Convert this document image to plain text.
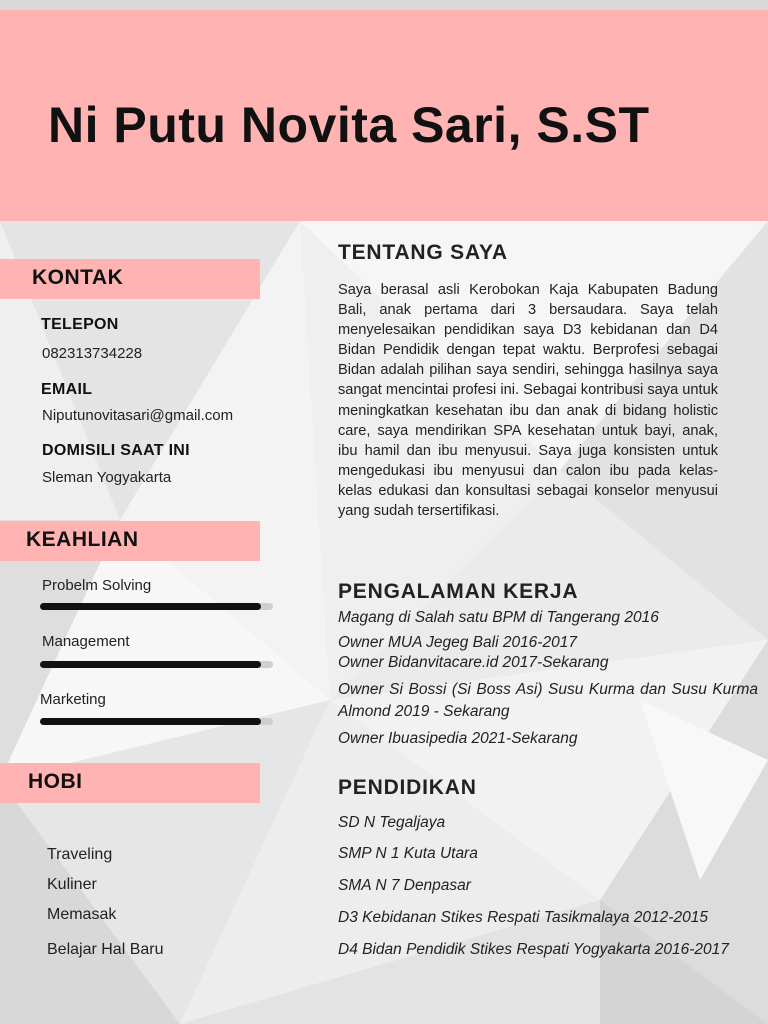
Ni Putu Novita Sari, S.ST
KONTAK
TELEPON
082313734228
EMAIL
Niputunovitasari@gmail.com
DOMISILI SAAT INI
Sleman Yogyakarta
KEAHLIAN
Probelm Solving
Management
Marketing
HOBI
Traveling
Kuliner
Memasak
Belajar Hal Baru
TENTANG SAYA
Saya berasal asli Kerobokan Kaja Kabupaten Badung Bali, anak pertama dari 3 bersaudara. Saya telah menyelesaikan pendidikan saya D3 kebidanan dan D4 Bidan Pendidik dengan tepat waktu. Berprofesi sebagai Bidan adalah pilihan saya sendiri, sehingga hasilnya saya sangat mencintai profesi ini. Sebagai kontribusi saya untuk meningkatkan kesehatan ibu dan anak di bidang holistic care, saya mendirikan SPA kesehatan untuk bayi, anak, ibu hamil dan ibu menyusui. Saya juga konsisten untuk mengedukasi ibu menyusui dan calon ibu pada kelas-kelas edukasi dan konsultasi sebagai konselor menyusui yang sudah tersertifikasi.
PENGALAMAN KERJA
Magang di Salah satu BPM di Tangerang 2016
Owner MUA Jegeg Bali 2016-2017
Owner Bidanvitacare.id 2017-Sekarang
Owner Si Bossi (Si Boss Asi) Susu Kurma dan Susu Kurma Almond 2019 - Sekarang
Owner Ibuasipedia 2021-Sekarang
PENDIDIKAN
SD N Tegaljaya
SMP N 1 Kuta Utara
SMA N 7 Denpasar
D3 Kebidanan Stikes Respati Tasikmalaya 2012-2015
D4 Bidan Pendidik Stikes Respati Yogyakarta 2016-2017
